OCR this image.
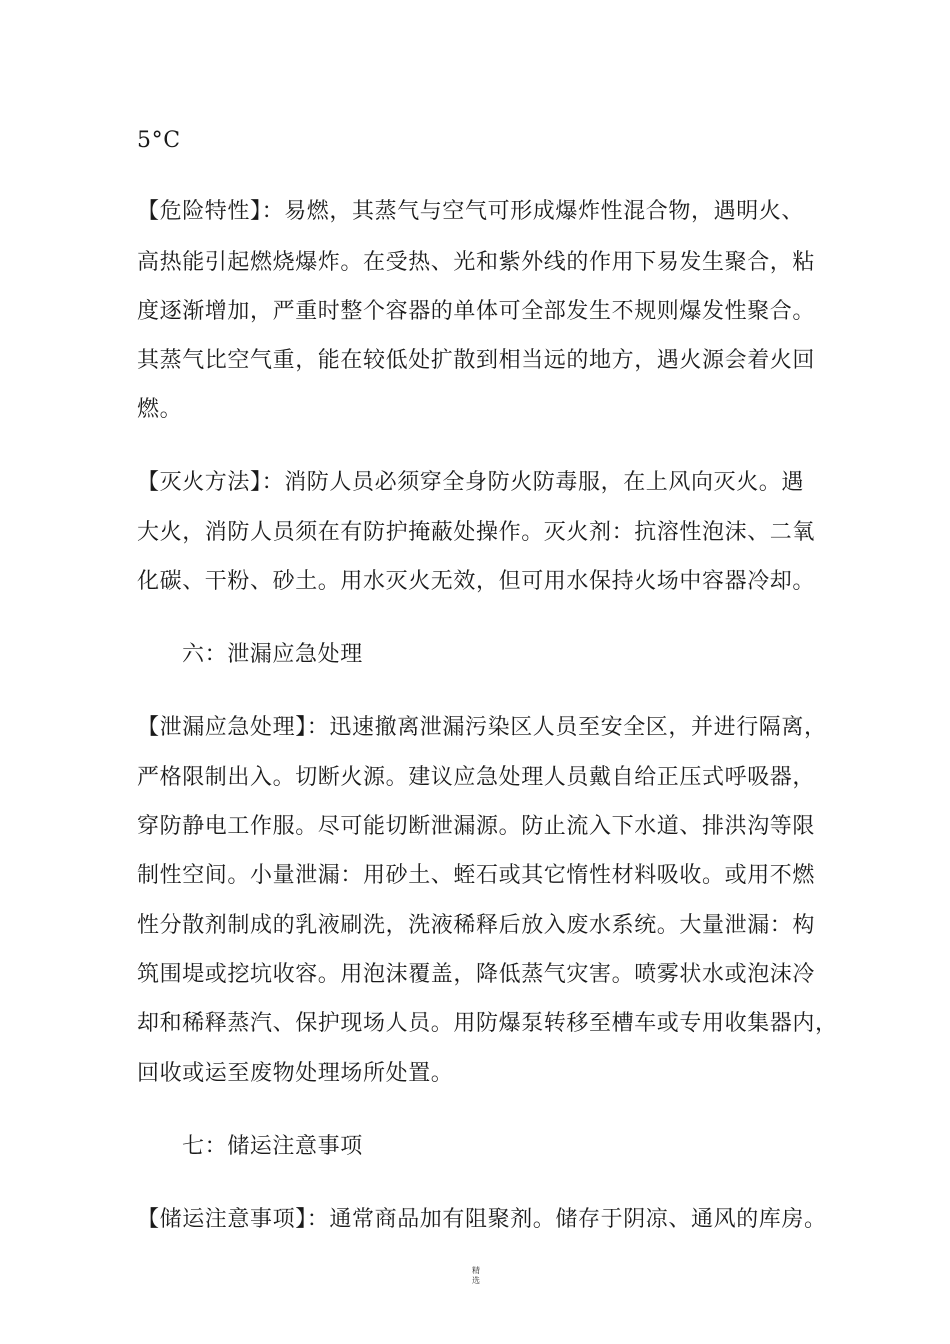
5°C
【危险特性】：易燃，其蒸气与空气可形成爆炸性混合物，遇明火、
高热能引起燃烧爆炸。在受热、光和紫外线的作用下易发生聚合，粘
度逐渐增加，严重时整个容器的单体可全部发生不规则爆发性聚合。
其蒸气比空气重，能在较低处扩散到相当远的地方，遇火源会着火回
燃。
【灭火方法】：消防人员必须穿全身防火防毒服，在上风向灭火。遇
大火，消防人员须在有防护掩蔽处操作。灭火剂：抗溶性泡沫、二氧
化碳、干粉、砂土。用水灭火无效，但可用水保持火场中容器冷却。
六：泄漏应急处理
【泄漏应急处理】：迅速撤离泄漏污染区人员至安全区，并进行隔离，
严格限制出入。切断火源。建议应急处理人员戴自给正压式呼吸器，
穿防静电工作服。尽可能切断泄漏源。防止流入下水道、排洪沟等限
制性空间。小量泄漏：用砂土、蛭石或其它惰性材料吸收。或用不燃
性分散剂制成的乳液刷洗，洗液稀释后放入废水系统。大量泄漏：构
筑围堤或挖坑收容。用泡沫覆盖，降低蒸气灾害。喷雾状水或泡沫冷
却和稀释蒸汽、保护现场人员。用防爆泵转移至槽车或专用收集器内，
回收或运至废物处理场所处置。
七：储运注意事项
【储运注意事项】：通常商品加有阻聚剂。储存于阴凉、通风的库房。
精
选
